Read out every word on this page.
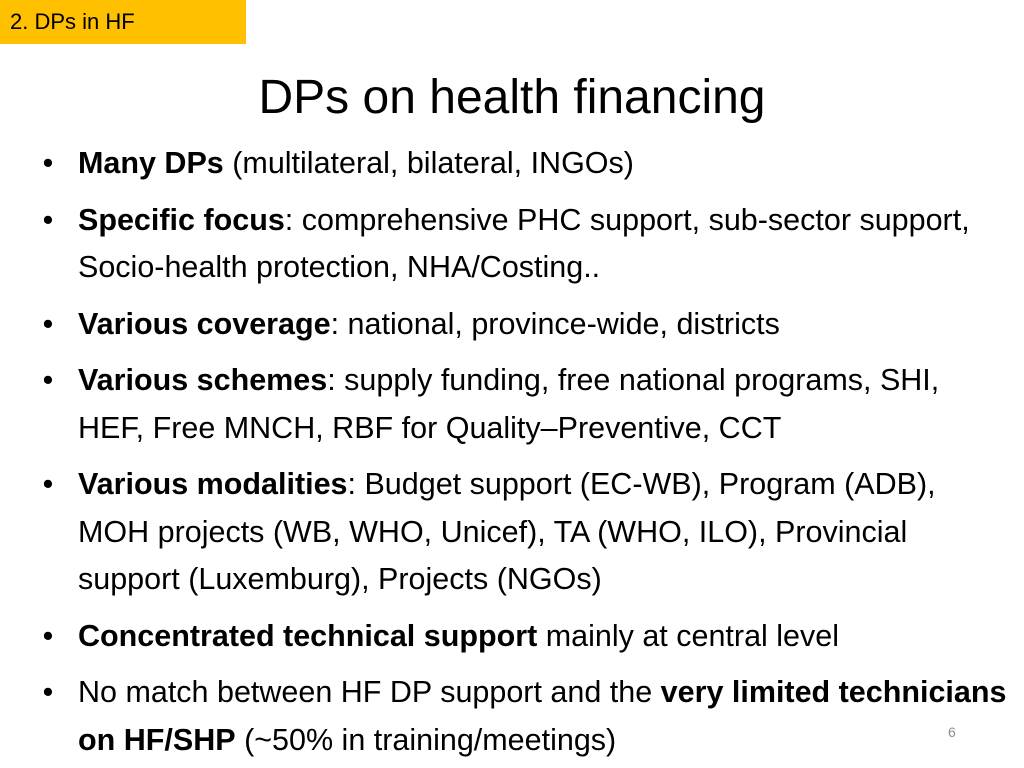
2. DPs in HF
DPs on health financing
• Many DPs (multilateral, bilateral, INGOs)
• Specific focus: comprehensive PHC support, sub-sector support, Socio-health protection, NHA/Costing..
• Various coverage: national, province-wide, districts
• Various schemes: supply funding, free national programs, SHI, HEF, Free MNCH, RBF for Quality–Preventive, CCT
• Various modalities: Budget support (EC-WB), Program (ADB), MOH projects (WB, WHO, Unicef), TA (WHO, ILO), Provincial support (Luxemburg), Projects (NGOs)
• Concentrated technical support mainly at central level
• No match between HF DP support and the very limited technicians on HF/SHP (~50% in training/meetings)	6
